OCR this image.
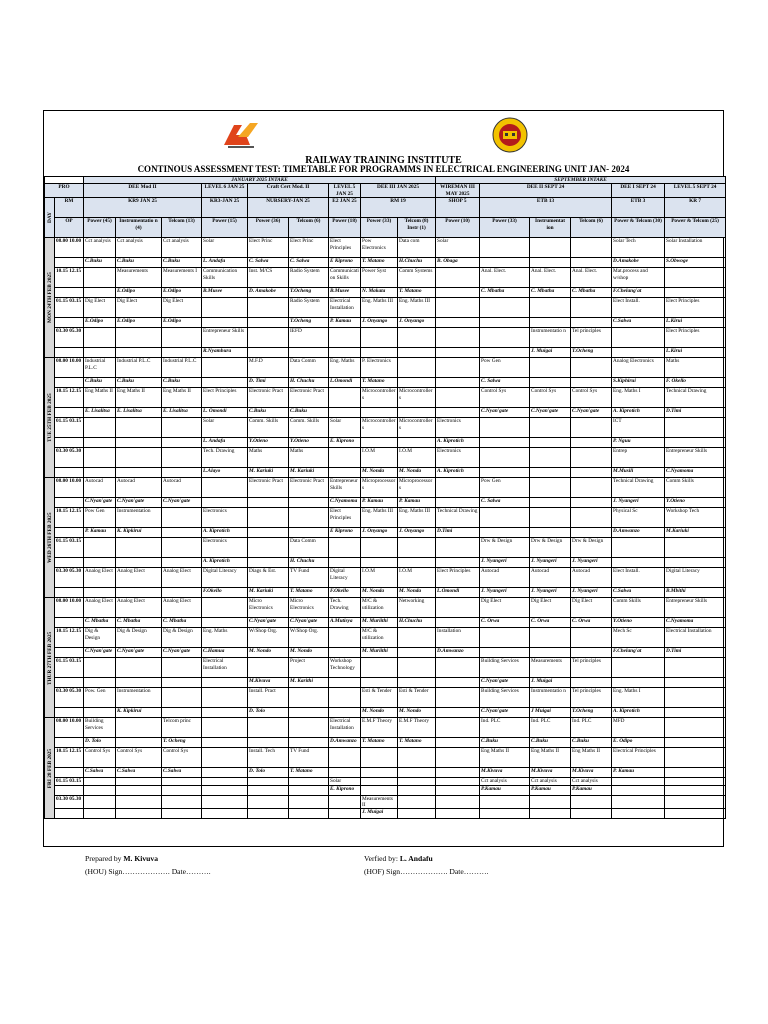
RAILWAY TRAINING INSTITUTE
CONTINOUS ASSESSMENT TEST: TIMETABLE FOR PROGRAMMS IN ELECTRICAL ENGINEERING UNIT JAN- 2024
		JANUARY 2025 INTAKE									SEPTEMBER INTAKE					
PRO		DEE Mod II			LEVEL 6 JAN 25	Craft Cert Mod. II		LEVEL 5 JAN 25	DEE III JAN 2025		WIREMAN III MAY 2025	DEE II SEPT 24			DEE I SEPT 24	LEVEL 5 SEPT 24
DAY	RM	KR9 JAN 25			KR3-JAN 25	NURSERY-JAN 25		E2 JAN 25	RM 19		SHOP 5	ETB 13			ETB 3	KR 7
	OP	Power (45)	Instrumentatio n (4)	Telcom (13)	Power (15)	Power (36)	Telcom (6)	Power (18)	Power (33)	Telcom (8) Instr (1)	Power (10)	Power (33)	Instrumentat ion	Telcom (6)	Power & Telcom (30)	Power & Telcom (25)
MON 24TH FEB 2025	08.00 10.00	Cct analysis	Cct analysis	Cct analysis	Solar	Elect Princ	Elect Princ	Elect Principles	Pow Electronics	Data com	Solar				Solar Tech	Solar Installation
		C.Buku	C.Buku	C.Buku	L. Andafu	C. Salwa	C. Salwa	E Kiprono	T. Matano	H.Chuchu	B. Obaga				D.Amakobe	S.Obwoge
	10.15 12.15		Measurements	Measurements I	Communication Skills	Inst. M/CS	Radio System	Communication Skills	Power Syst	Comm Systems		Anal. Elect.	Anal. Elect.	Anal. Elect.	Mat.process and w/shop	
			E.Odipo	E.Odipo	B.Musee	D. Amakobe	T.Ocheng	B.Musee	N. Makata	T. Matano		C. Mbatha	C. Mbatha	C. Mbatha	F.Chelang'at	
	01.15 03.15	Dig Elect	Dig Elect	Dig Elect			Radio System	Electrical Installation	Eng. Maths III	Eng. Maths III					Elect Install.	Elect Principles
		E.Odipo	E.Odipo	E.Odipo			T.Ocheng	P. Kamau	J. Onyango	J. Onyango					C.Salwa	L.Kirui
	03.30 05.30				Entrepreneur Skills		IEFD						Instrumentatio n	Tel principles		Elect Principles
					R.Nyambura								J. Muigai	T.Ocheng		L.Kirui
TUE 25TH FEB 2025	08.00 10.00	Industrial P.L.C	Industrial P.L.C	Industrial P.L.C		M.F.D	Data Comm	Eng. Maths	P. Electronics			Pow Gen			Analog Electronics	Maths
		C.Buku	C.Buku	C.Buku		D. Timi	H. Chuchu	L.Omondi	T. Matano			C. Salwa			S.Kiphirui	F. Okello
	10.15 12.15	Eng Maths II	Eng Maths II	Eng Maths II	Elect Principles	Electronic Pract	Electronic Pract		Microcontrollers	Microcontrollers		Control Sys	Control Sys	Control Sys	Eng. Maths I	Technical Drawing
		E. Lisalitsa	E. Lisalitsa	E. Lisalitsa	L. Omondi	C.Buku	C.Buku					C.Nyan'gate	C.Nyan'gate	C.Nyan'gate	A. Kiprotich	D.Timi
	01.15 03.15				Solar	Comm. Skills	Comm. Skills	Solar	Microcontrollers	Microcontrollers	Electronics				ICT	
					L. Andafu	Y.Otieno	Y.Otieno	E. Kiprono			A. Kiprotich				P. Nguu	
	03.30 05.30				Tech. Drawing	Maths	Maths		I.O.M	I.O.M	Electronics				Entrep	Entrepreneur Skills
					L.Alayo	M. Kariuki	M. Kariuki		M. Nonda	M. Nonda	A. Kiprotich				M.Musili	C.Nyamoma
WED 26TH FEB 2025	08.00 10.00	Autocad	Autocad	Autocad		Electronic Pract	Electronic Pract	Entrepreneur Skills	Microprocessors	Microprocessors		Pow Gen			Technical Drawing	Comm Skills
		C.Nyan'gate	C.Nyan'gate	C.Nyan'gate				C.Nyamoma	P. Kamau	P. Kamau		C. Salwa			J. Nyangeri	Y.Otieno
	10.15 12.15	Pow Gen	Instrumentation		Electronics			Elect Principles	Eng. Maths III	Eng. Maths III	Technical Drawing				Physical Sc	Workshop Tech
		P. Kamau	K. Kipkirui		A. Kiprotich			E Kiprono	J. Onyango	J. Onyango	D.Timi				D.Amwanzo	M.Kariuki
	01.15 03.15				Electronics		Data Comm					Drw & Design	Drw & Design	Drw & Design		
					A. Kiprotich		H. Chuchu					J. Nyangeri	J. Nyangeri	J. Nyangeri		
	03.30 05.30	Analog Elect	Analog Elect	Analog Elect	Digital Literacy	Diags & Est.	TV Fund	Digital Literacy	I.O.M	I.O.M	Elect Principles	Autocad	Autocad	Autocad	Elect Install.	Digital Literacy
					F.Okello	M. Kariuki	T. Matano	F.Okello	M. Nonda	M. Nonda	L.Omondi	J. Nyangeri	J. Nyangeri	J. Nyangeri	C.Salwa	B.Mbithi
THUR 27TH FEB 2025	08.00 10.00	Analog Elect	Analog Elect	Analog Elect		Micro Electronics	Micro Electronics	Tech. Drawing	M/C & utilization	Networking		Dig Elect	Dig Elect	Dig Elect	Comm Skills	Entrepreneur Skills
		C. Mbatha	C. Mbatha	C. Mbatha		C.Nyan'gate	C.Nyan'gate	A.Mutisya	M. Muriithi	H.Chuchu		C. Orwa	C. Orwa	C. Orwa	Y.Otieno	C.Nyamoma
	10.15 12.15	Dig & Design	Dig & Design	Dig & Design	Eng. Maths	W/Shop Org.	W/Shop Org.		M/C & utilization		Installation				Mech Sc	Electrical Installation
		C.Nyan'gate	C.Nyan'gate	C.Nyan'gate	C.Hamua	M. Nondo	M. Nondo		M. Muriithi		D.Amwanzo				F.Chelang'at	D.Timi
	01.15 03.15				Electrical Installation		Project	Workshop Technology				Building Services	Measurements	Tel principles		
						M.Kivuva	M. Karithi					C.Nyan'gate	J. Muigai			
	03.30 05.30	Pow. Gen	Instrumentation			Install. Pract			Esti & Tender	Esti & Tender		Building Services	Instrumentatio n	Tel principles	Eng. Maths I	
			K. Kipkirui			D. Tolo			M. Nondo	M. Nondo		C.Nyan'gate	J Muigai	T.Ocheng	A. Kiprotich	
FRI 28 FEB 2025	08.00 10.00	Building Services		Telcom princ				Electrical Installation	E.M.F Theory	E.M.F Theory		Ind. PLC	Ind. PLC	Ind. PLC	MFD	
		D. Tolo		T. Ocheng				D.Amwanzo	T. Matano	T. Matano		C.Buku	C.Buku	C.Buku	E. Odipo	
	10.15 12.15	Control Sys	Control Sys	Control Sys		Install. Tech	TV Fund					Eng Maths II	Eng Maths II	Eng Maths II	Electrical Principles	
		C.Salwa	C.Salwa	C.Salwa		D. Tolo	T. Matano					M.Kivuva	M.Kivuva	M.Kivuva	P. Kamau	
	01.15 03.15							Solar				Cct analysis	Cct analysis	Cct analysis		
								E. Kiprono				P.Kamau	P.Kamau	P.Kamau		
	03.30 05.30								Measurements II							
									J. Muigai							
Prepared by M. Kivuva
(HOU) Sign………………. Date……….
Verfied by: L. Andafu
(HOF) Sign………………. Date……….
